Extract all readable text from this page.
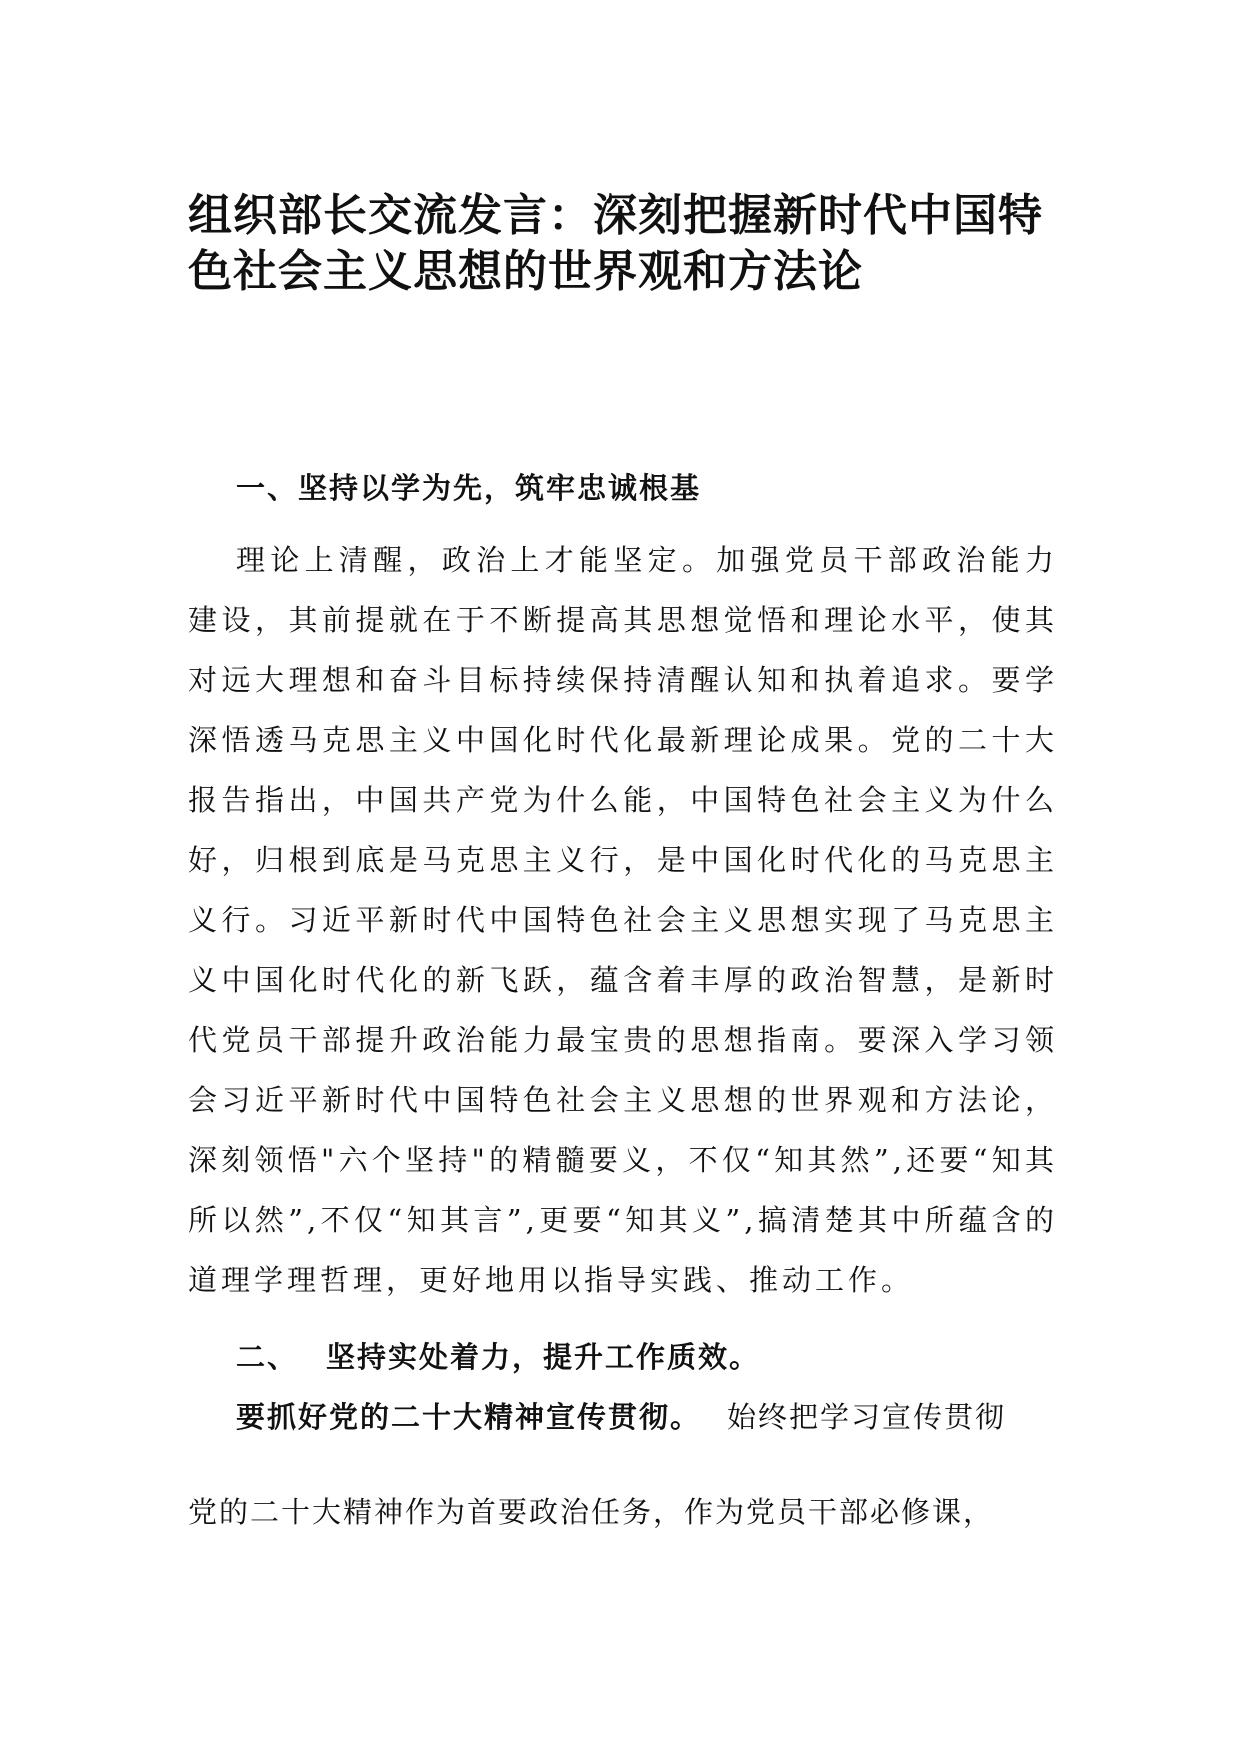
组织部长交流发言：深刻把握新时代中国特色社会主义思想的世界观和方法论
一、坚持以学为先，筑牢忠诚根基

理论上清醒，政治上才能坚定。加强党员干部政治能力建设，其前提就在于不断提高其思想觉悟和理论水平，使其对远大理想和奋斗目标持续保持清醒认知和执着追求。要学深悟透马克思主义中国化时代化最新理论成果。党的二十大报告指出，中国共产党为什么能，中国特色社会主义为什么好，归根到底是马克思主义行，是中国化时代化的马克思主义行。习近平新时代中国特色社会主义思想实现了马克思主义中国化时代化的新飞跃，蕴含着丰厚的政治智慧，是新时代党员干部提升政治能力最宝贵的思想指南。要深入学习领会习近平新时代中国特色社会主义思想的世界观和方法论，深刻领悟"六个坚持"的精髓要义，不仅“知其然”,还要“知其所以然”,不仅“知其言”,更要“知其义”,搞清楚其中所蕴含的道理学理哲理，更好地用以指导实践、推动工作。

二、 坚持实处着力，提升工作质效。

要抓好党的二十大精神宣传贯彻。 始终把学习宣传贯彻

党的二十大精神作为首要政治任务，作为党员干部必修课，
